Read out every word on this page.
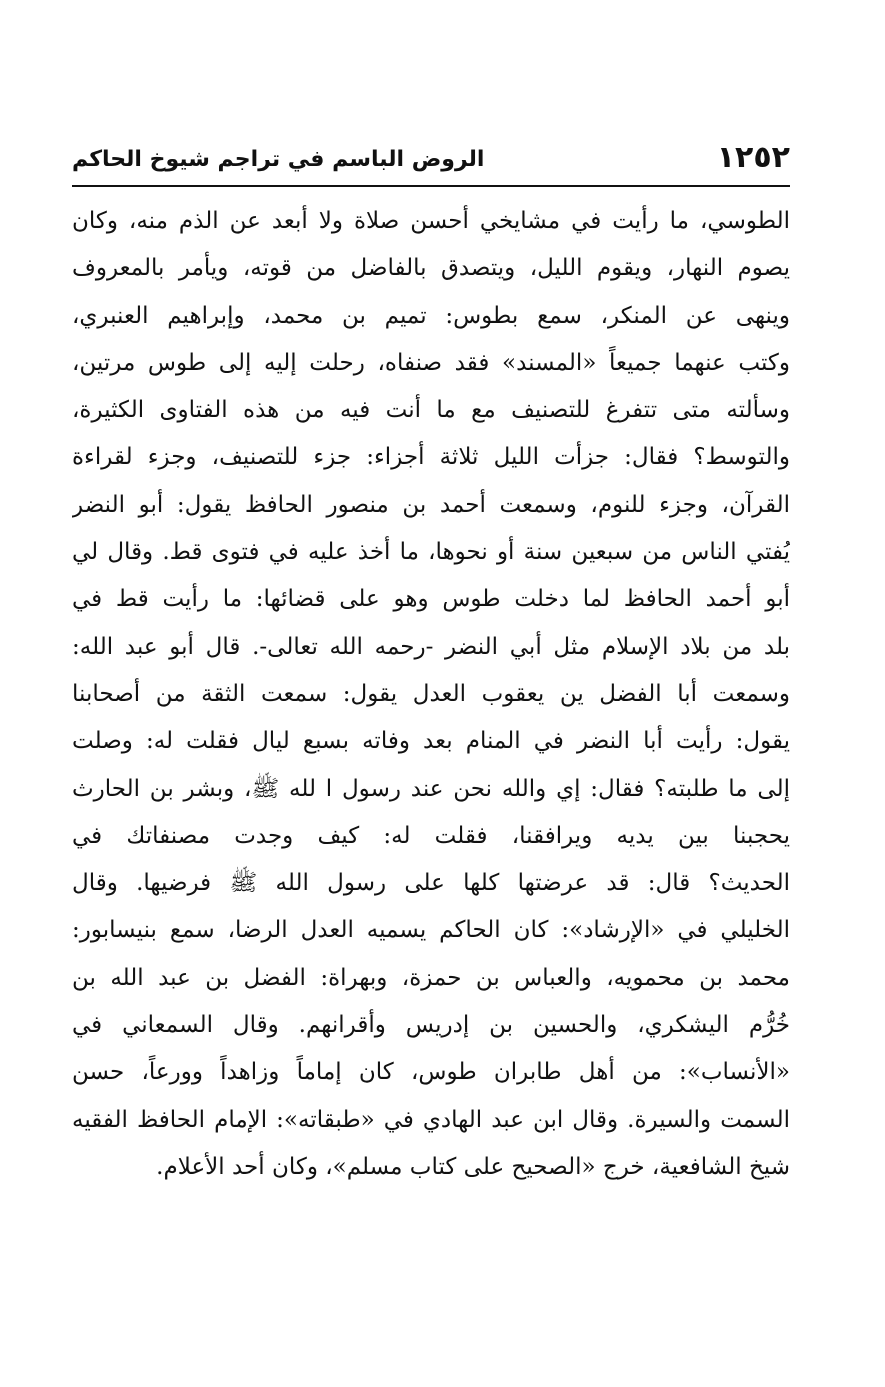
١٢٥٢
الروض الباسم في تراجم شيوخ الحاكم
الطوسي، ما رأيت في مشايخي أحسن صلاة ولا أبعد عن الذم منه، وكان
يصوم النهار، ويقوم الليل، ويتصدق بالفاضل من قوته، ويأمر بالمعروف
وينهى عن المنكر، سمع بطوس: تميم بن محمد، وإبراهيم العنبري،
وكتب عنهما جميعاً «المسند» فقد صنفاه، رحلت إليه إلى طوس مرتين،
وسألته متى تتفرغ للتصنيف مع ما أنت فيه من هذه الفتاوى الكثيرة،
والتوسط؟ فقال: جزأت الليل ثلاثة أجزاء: جزء للتصنيف، وجزء لقراءة
القرآن، وجزء للنوم، وسمعت أحمد بن منصور الحافظ يقول: أبو النضر
يُفتي الناس من سبعين سنة أو نحوها، ما أخذ عليه في فتوى قط. وقال لي
أبو أحمد الحافظ لما دخلت طوس وهو على قضائها: ما رأيت قط في
بلد من بلاد الإسلام مثل أبي النضر -رحمه الله تعالى-. قال أبو عبد الله:
وسمعت أبا الفضل ين يعقوب العدل يقول: سمعت الثقة من أصحابنا
يقول: رأيت أبا النضر في المنام بعد وفاته بسبع ليال فقلت له: وصلت
إلى ما طلبته؟ فقال: إي والله نحن عند رسول ا لله ﷺ، وبشر بن الحارث
يحجبنا بين يديه ويرافقنا، فقلت له: كيف وجدت مصنفاتك في
الحديث؟ قال: قد عرضتها كلها على رسول الله ﷺ فرضيها. وقال
الخليلي في «الإرشاد»: كان الحاكم يسميه العدل الرضا، سمع بنيسابور:
محمد بن محمويه، والعباس بن حمزة، وبهراة: الفضل بن عبد الله بن
خُرُّم اليشكري، والحسين بن إدريس وأقرانهم. وقال السمعاني في
«الأنساب»: من أهل طابران طوس، كان إماماً وزاهداً وورعاً، حسن
السمت والسيرة. وقال ابن عبد الهادي في «طبقاته»: الإمام الحافظ الفقيه
شيخ الشافعية، خرج «الصحيح على كتاب مسلم»، وكان أحد الأعلام.
